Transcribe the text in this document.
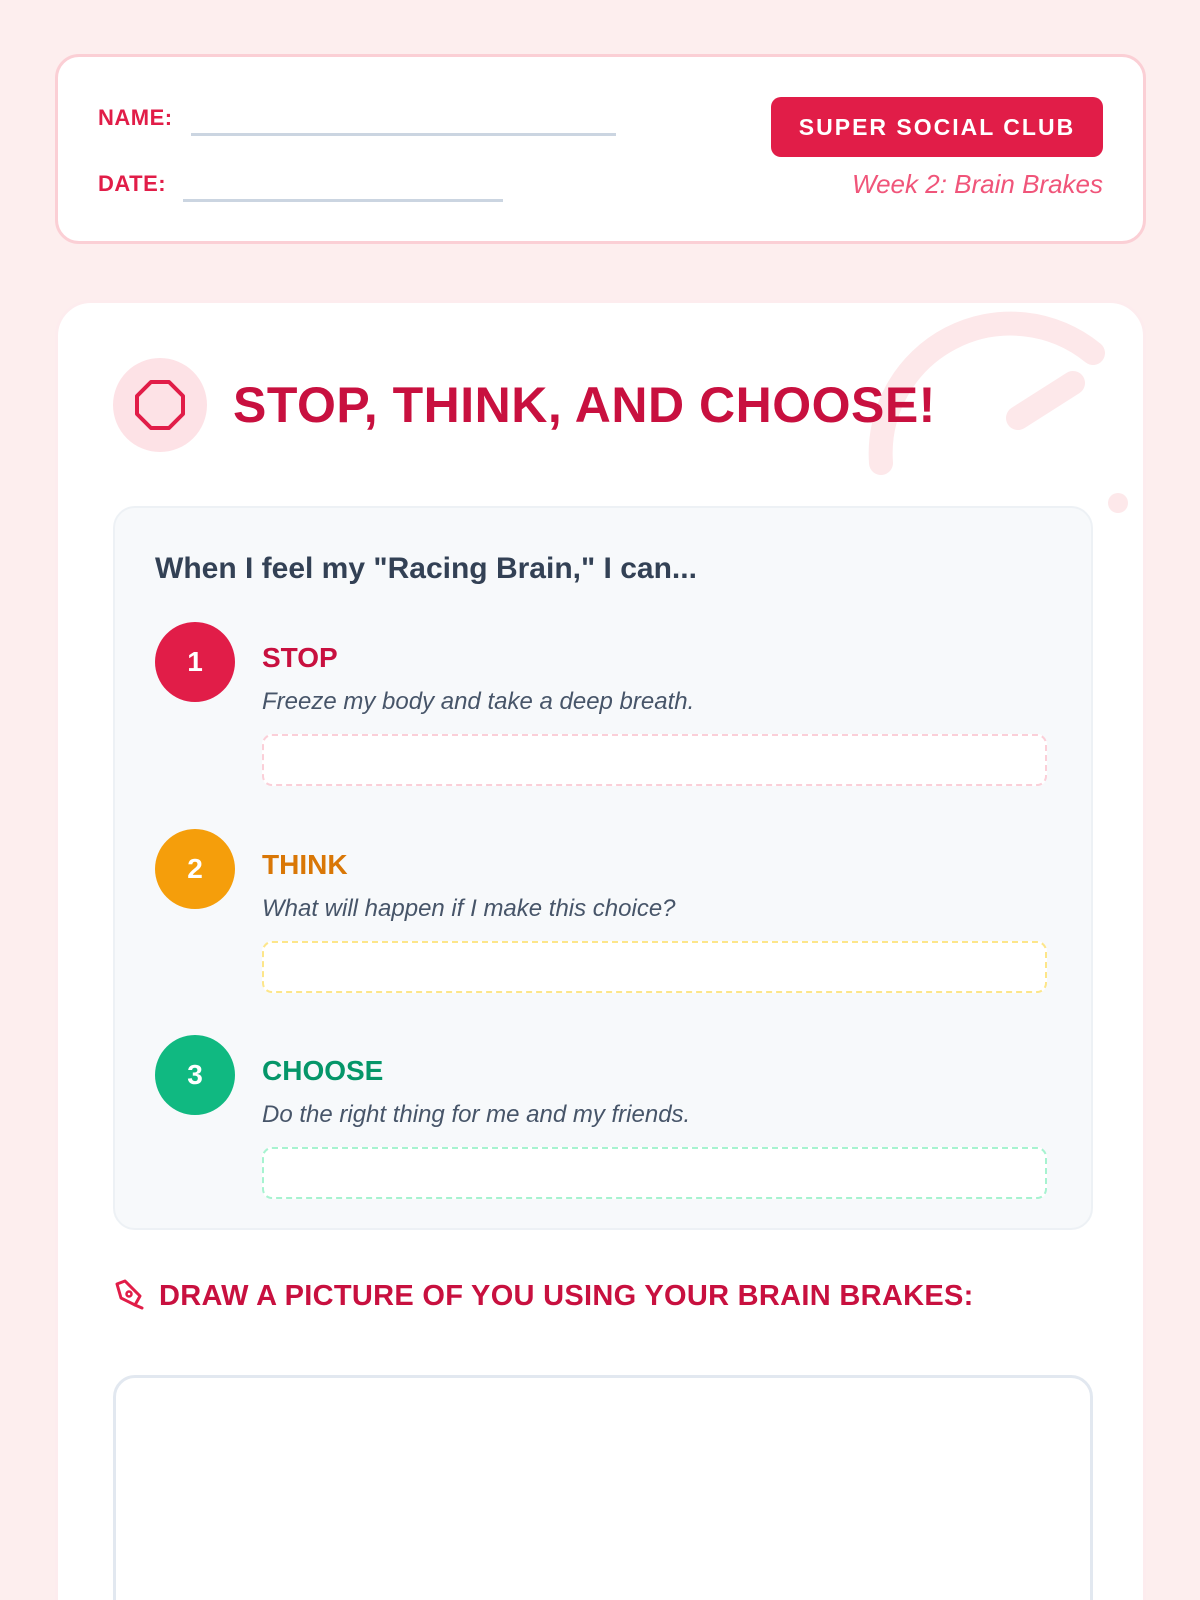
NAME:
DATE:
SUPER SOCIAL CLUB
Week 2: Brain Brakes
STOP, THINK, AND CHOOSE!
When I feel my "Racing Brain," I can...
1	STOP
Freeze my body and take a deep breath.
2	THINK
What will happen if I make this choice?
3	CHOOSE
Do the right thing for me and my friends.
DRAW A PICTURE OF YOU USING YOUR BRAIN BRAKES:
